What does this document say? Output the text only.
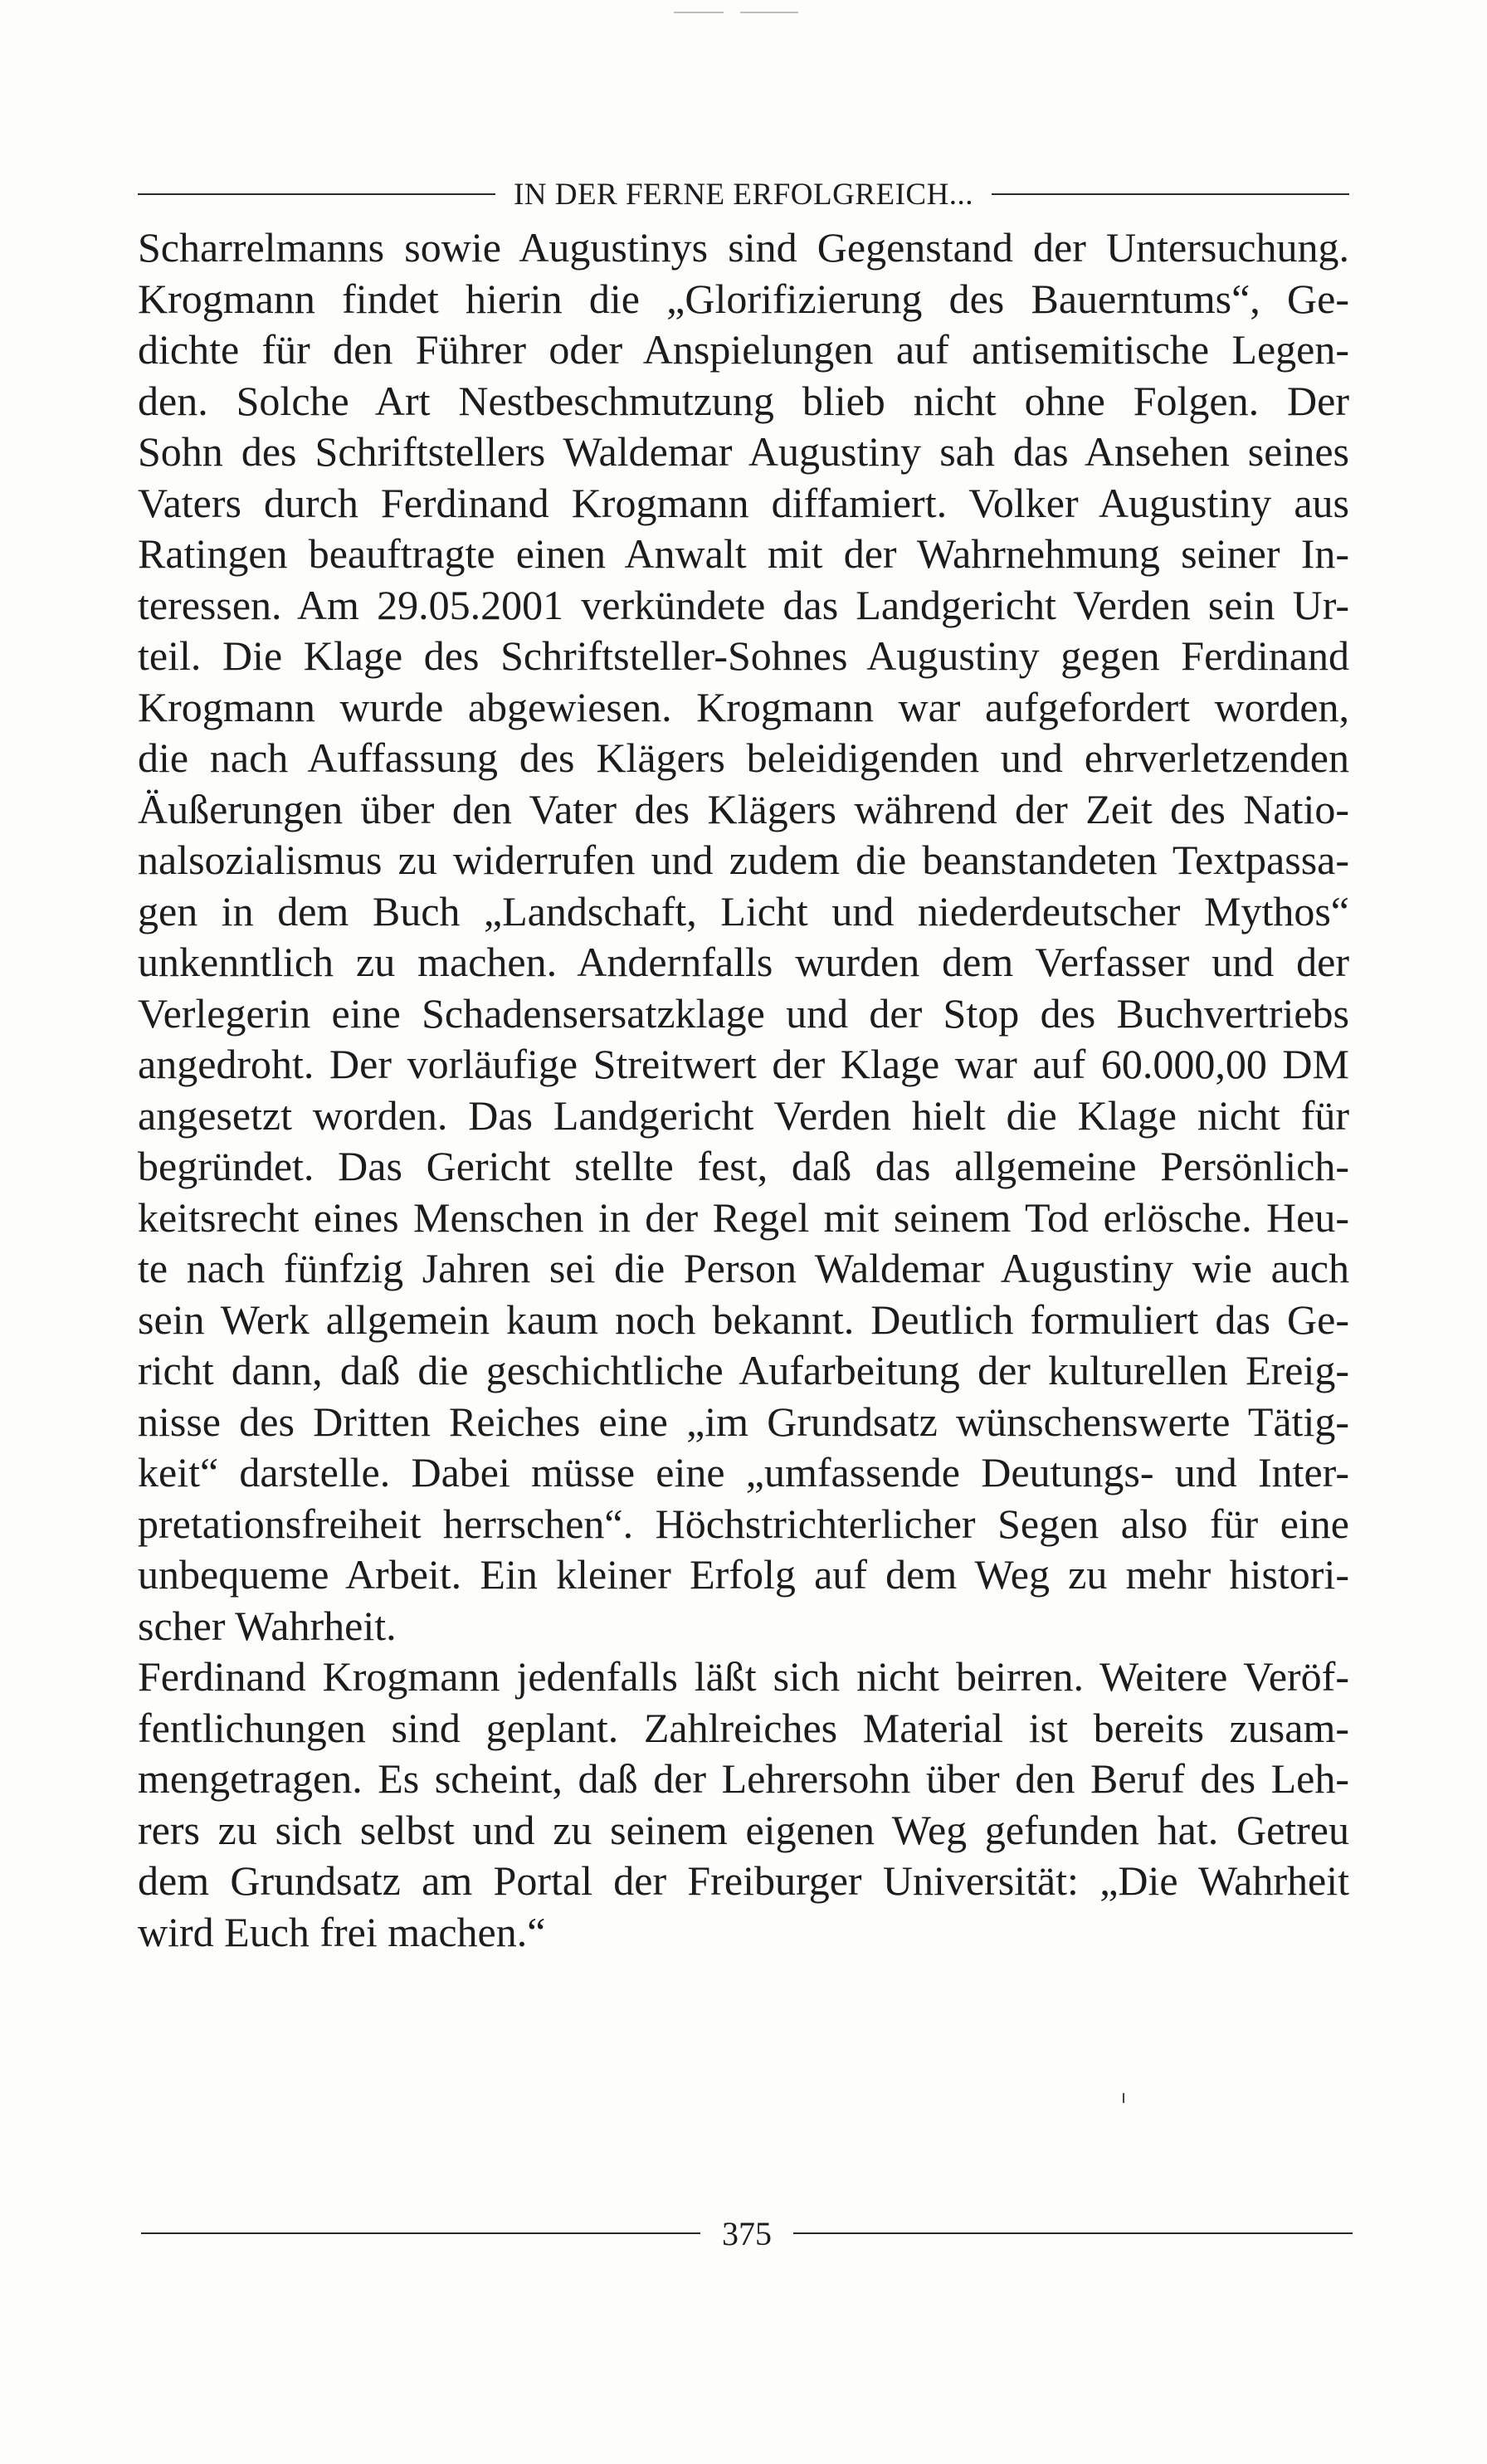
IN DER FERNE ERFOLGREICH...
Scharrelmanns sowie Augustinys sind Gegenstand der Untersuchung.
Krogmann findet hierin die „Glorifizierung des Bauerntums“, Ge-
dichte für den Führer oder Anspielungen auf antisemitische Legen-
den. Solche Art Nestbeschmutzung blieb nicht ohne Folgen. Der
Sohn des Schriftstellers Waldemar Augustiny sah das Ansehen seines
Vaters durch Ferdinand Krogmann diffamiert. Volker Augustiny aus
Ratingen beauftragte einen Anwalt mit der Wahrnehmung seiner In-
teressen. Am 29.05.2001 verkündete das Landgericht Verden sein Ur-
teil. Die Klage des Schriftsteller-Sohnes Augustiny gegen Ferdinand
Krogmann wurde abgewiesen. Krogmann war aufgefordert worden,
die nach Auffassung des Klägers beleidigenden und ehrverletzenden
Äußerungen über den Vater des Klägers während der Zeit des Natio-
nalsozialismus zu widerrufen und zudem die beanstandeten Textpassa-
gen in dem Buch „Landschaft, Licht und niederdeutscher Mythos“
unkenntlich zu machen. Andernfalls wurden dem Verfasser und der
Verlegerin eine Schadensersatzklage und der Stop des Buchvertriebs
angedroht. Der vorläufige Streitwert der Klage war auf 60.000,00 DM
angesetzt worden. Das Landgericht Verden hielt die Klage nicht für
begründet. Das Gericht stellte fest, daß das allgemeine Persönlich-
keitsrecht eines Menschen in der Regel mit seinem Tod erlösche. Heu-
te nach fünfzig Jahren sei die Person Waldemar Augustiny wie auch
sein Werk allgemein kaum noch bekannt. Deutlich formuliert das Ge-
richt dann, daß die geschichtliche Aufarbeitung der kulturellen Ereig-
nisse des Dritten Reiches eine „im Grundsatz wünschenswerte Tätig-
keit“ darstelle. Dabei müsse eine „umfassende Deutungs- und Inter-
pretationsfreiheit herrschen“. Höchstrichterlicher Segen also für eine
unbequeme Arbeit. Ein kleiner Erfolg auf dem Weg zu mehr histori-
scher Wahrheit.
Ferdinand Krogmann jedenfalls läßt sich nicht beirren. Weitere Veröf-
fentlichungen sind geplant. Zahlreiches Material ist bereits zusam-
mengetragen. Es scheint, daß der Lehrersohn über den Beruf des Leh-
rers zu sich selbst und zu seinem eigenen Weg gefunden hat. Getreu
dem Grundsatz am Portal der Freiburger Universität: „Die Wahrheit
wird Euch frei machen.“
375
